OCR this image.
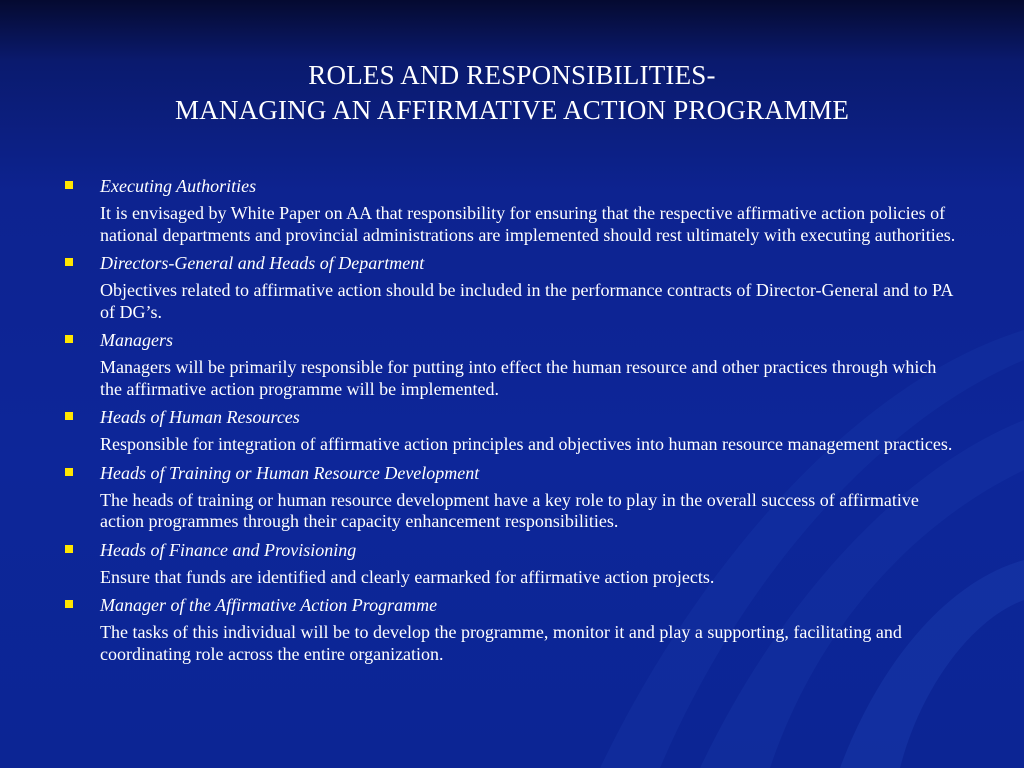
ROLES AND RESPONSIBILITIES-
MANAGING AN AFFIRMATIVE ACTION PROGRAMME
Executing Authorities
It is envisaged by White Paper on AA that responsibility for ensuring that the respective affirmative action policies of national departments and provincial administrations are implemented should rest ultimately with executing authorities.
Directors-General and Heads of Department
Objectives related to affirmative action should be included in the performance contracts of Director-General and to PA of DG’s.
Managers
Managers will be primarily responsible for putting into effect the human resource and other practices through which the affirmative action programme will be implemented.
Heads of Human Resources
Responsible for integration of affirmative action principles and objectives into human resource management practices.
Heads of Training or Human Resource Development
The heads of training or human resource development have a key role to play in the overall success of affirmative action programmes through their capacity enhancement responsibilities.
Heads of Finance and Provisioning
Ensure that funds are identified and clearly earmarked for affirmative action projects.
Manager of the Affirmative Action Programme
The tasks of this individual will be to develop the programme, monitor it and play a supporting, facilitating and coordinating role across the entire organization.
